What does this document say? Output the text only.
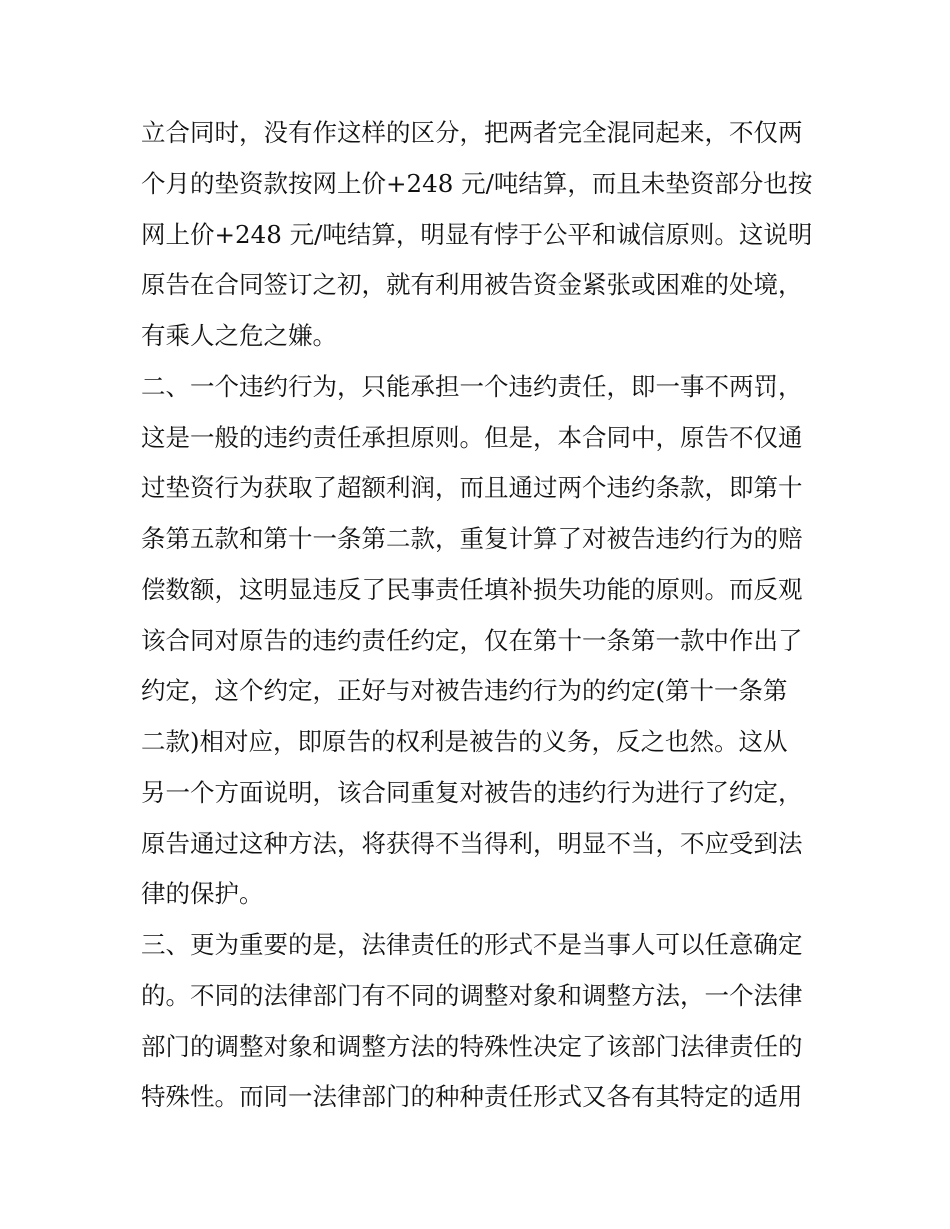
立合同时，没有作这样的区分，把两者完全混同起来，不仅两
个月的垫资款按网上价+248 元/吨结算，而且未垫资部分也按
网上价+248 元/吨结算，明显有悖于公平和诚信原则。这说明
原告在合同签订之初，就有利用被告资金紧张或困难的处境，
有乘人之危之嫌。
二、一个违约行为，只能承担一个违约责任，即一事不两罚，
这是一般的违约责任承担原则。但是，本合同中，原告不仅通
过垫资行为获取了超额利润，而且通过两个违约条款，即第十
条第五款和第十一条第二款，重复计算了对被告违约行为的赔
偿数额，这明显违反了民事责任填补损失功能的原则。而反观
该合同对原告的违约责任约定，仅在第十一条第一款中作出了
约定，这个约定，正好与对被告违约行为的约定(第十一条第
二款)相对应，即原告的权利是被告的义务，反之也然。这从
另一个方面说明，该合同重复对被告的违约行为进行了约定，
原告通过这种方法，将获得不当得利，明显不当，不应受到法
律的保护。
三、更为重要的是，法律责任的形式不是当事人可以任意确定
的。不同的法律部门有不同的调整对象和调整方法，一个法律
部门的调整对象和调整方法的特殊性决定了该部门法律责任的
特殊性。而同一法律部门的种种责任形式又各有其特定的适用
